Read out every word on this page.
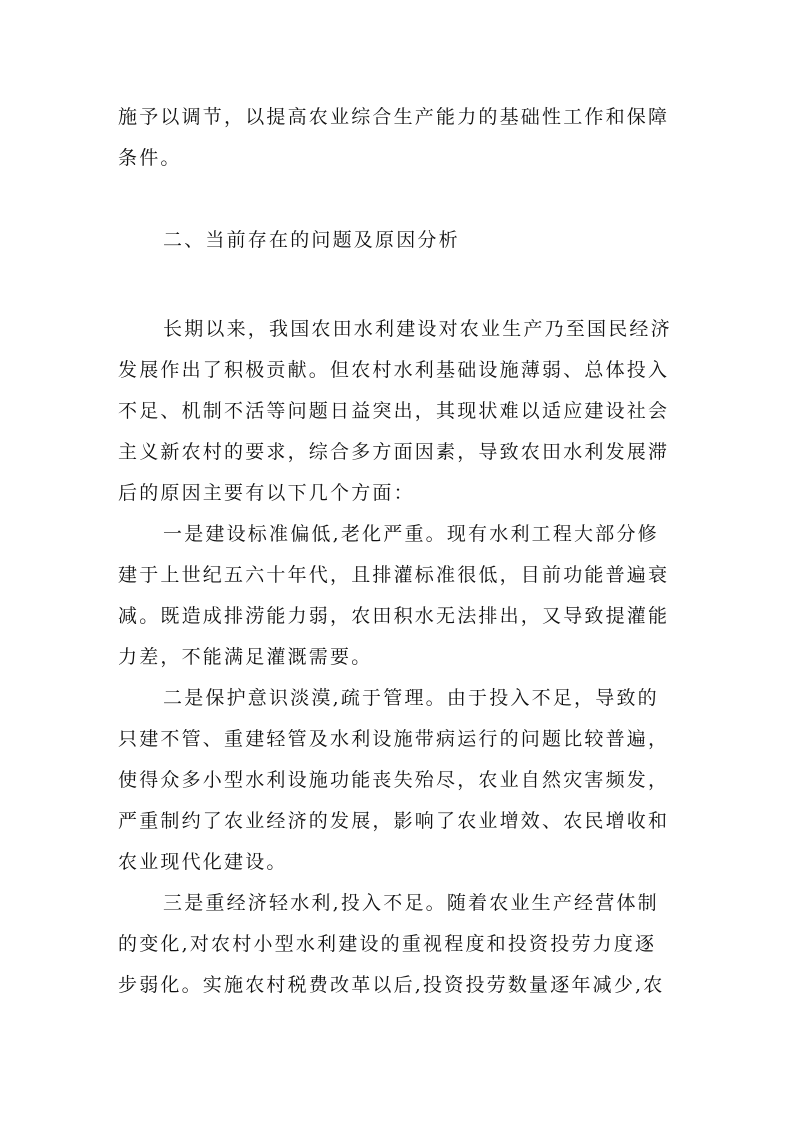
施予以调节，以提高农业综合生产能力的基础性工作和保障
条件。
二、当前存在的问题及原因分析
长期以来，我国农田水利建设对农业生产乃至国民经济
发展作出了积极贡献。但农村水利基础设施薄弱、总体投入
不足、机制不活等问题日益突出，其现状难以适应建设社会
主义新农村的要求，综合多方面因素，导致农田水利发展滞
后的原因主要有以下几个方面：
一是建设标准偏低,老化严重。现有水利工程大部分修
建于上世纪五六十年代，且排灌标准很低，目前功能普遍衰
减。既造成排涝能力弱，农田积水无法排出，又导致提灌能
力差，不能满足灌溉需要。
二是保护意识淡漠,疏于管理。由于投入不足，导致的
只建不管、重建轻管及水利设施带病运行的问题比较普遍，
使得众多小型水利设施功能丧失殆尽，农业自然灾害频发，
严重制约了农业经济的发展，影响了农业增效、农民增收和
农业现代化建设。
三是重经济轻水利,投入不足。随着农业生产经营体制
的变化,对农村小型水利建设的重视程度和投资投劳力度逐
步弱化。实施农村税费改革以后,投资投劳数量逐年减少,农
